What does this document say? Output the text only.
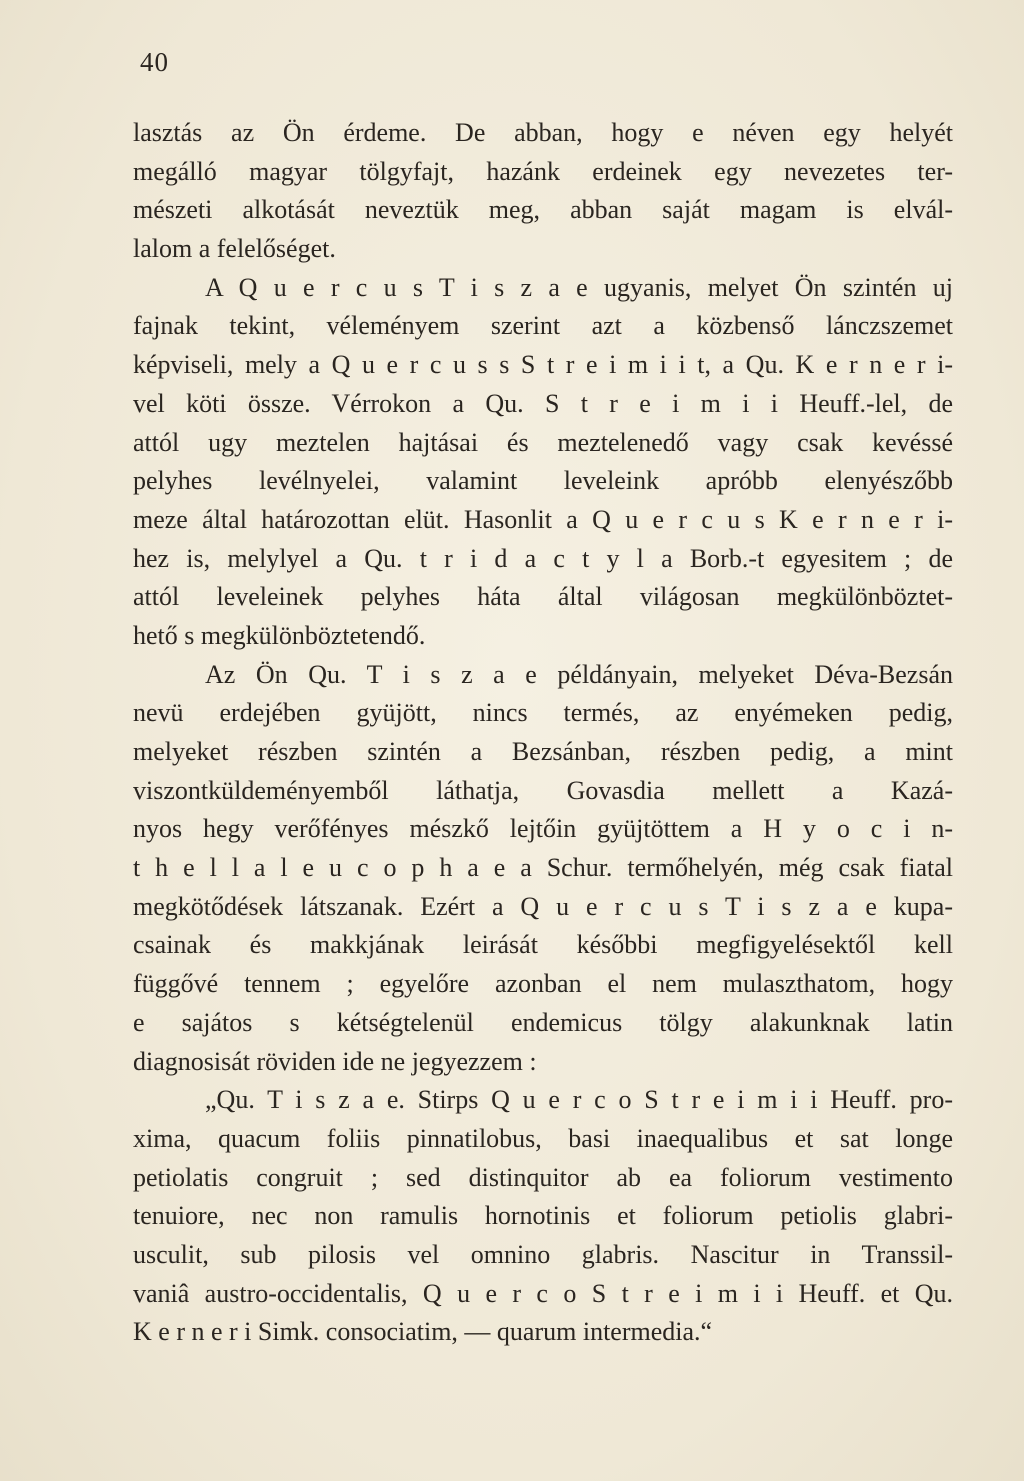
40
lasztás az Ön érdeme. De abban, hogy e néven egy helyét
megálló magyar tölgyfajt, hazánk erdeinek egy nevezetes ter-
mészeti alkotását neveztük meg, abban saját magam is elvál-
lalom a felelőséget.
A Q u e r c u s T i s z a e ugyanis, melyet Ön szintén uj
fajnak tekint, véleményem szerint azt a közbenső lánczszemet
képviseli, mely a Q u e r c u s s S t r e i m i i t, a Qu. K e r n e r i-
vel köti össze. Vérrokon a Qu. S t r e i m i i Heuff.-lel, de
attól ugy meztelen hajtásai és meztelenedő vagy csak kevéssé
pelyhes levélnyelei, valamint leveleink apróbb elenyészőbb
meze által határozottan elüt. Hasonlit a Q u e r c u s K e r n e r i-
hez is, melylyel a Qu. t r i d a c t y l a Borb.-t egyesitem ; de
attól leveleinek pelyhes háta által világosan megkülönböztet-
hető s megkülönböztetendő.
Az Ön Qu. T i s z a e példányain, melyeket Déva-Bezsán
nevü erdejében gyüjött, nincs termés, az enyémeken pedig,
melyeket részben szintén a Bezsánban, részben pedig, a mint
viszontküldeményemből láthatja, Govasdia mellett a Kazá-
nyos hegy verőfényes mészkő lejtőin gyüjtöttem a H y o c i n-
t h e l l a l e u c o p h a e a Schur. termőhelyén, még csak fiatal
megkötődések látszanak. Ezért a Q u e r c u s T i s z a e kupa-
csainak és makkjának leirását későbbi megfigyelésektől kell
függővé tennem ; egyelőre azonban el nem mulaszthatom, hogy
e sajátos s kétségtelenül endemicus tölgy alakunknak latin
diagnosisát röviden ide ne jegyezzem :
„Qu. T i s z a e. Stirps Q u e r c o S t r e i m i i Heuff. pro-
xima, quacum foliis pinnatilobus, basi inaequalibus et sat longe
petiolatis congruit ; sed distinquitor ab ea foliorum vestimento
tenuiore, nec non ramulis hornotinis et foliorum petiolis glabri-
usculit, sub pilosis vel omnino glabris. Nascitur in Transsil-
vaniâ austro-occidentalis, Q u e r c o S t r e i m i i Heuff. et Qu.
K e r n e r i Simk. consociatim, — quarum intermedia.“
